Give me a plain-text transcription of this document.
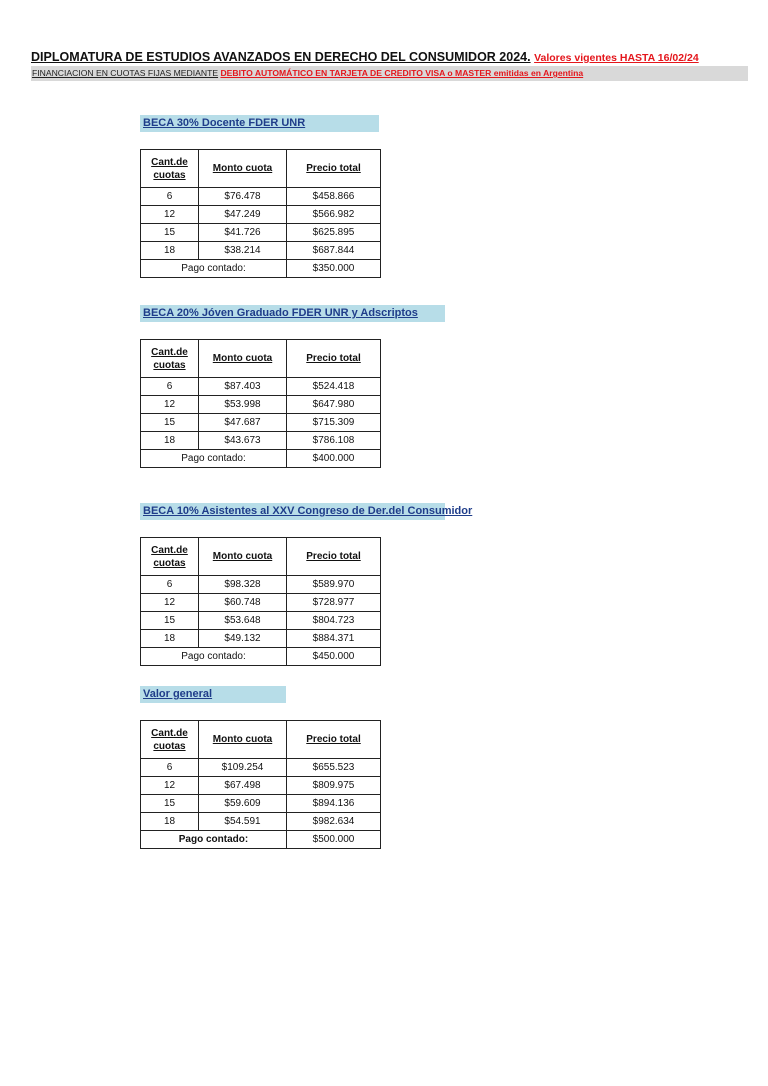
DIPLOMATURA DE ESTUDIOS AVANZADOS EN DERECHO DEL CONSUMIDOR 2024. Valores vigentes HASTA 16/02/24
FINANCIACION EN CUOTAS FIJAS MEDIANTE DEBITO AUTOMÁTICO EN TARJETA DE CREDITO VISA o MASTER emitidas en Argentina
BECA 30% Docente FDER UNR
Cant.de
cuotas	Monto cuota	Precio total
6	$76.478	$458.866
12	$47.249	$566.982
15	$41.726	$625.895
18	$38.214	$687.844
Pago contado:		$350.000
BECA 20% Jóven Graduado FDER UNR y Adscriptos
Cant.de
cuotas	Monto cuota	Precio total
6	$87.403	$524.418
12	$53.998	$647.980
15	$47.687	$715.309
18	$43.673	$786.108
Pago contado:		$400.000
BECA 10% Asistentes al XXV Congreso de Der.del Consumidor
Cant.de
cuotas	Monto cuota	Precio total
6	$98.328	$589.970
12	$60.748	$728.977
15	$53.648	$804.723
18	$49.132	$884.371
Pago contado:		$450.000
Valor general
Cant.de
cuotas	Monto cuota	Precio total
6	$109.254	$655.523
12	$67.498	$809.975
15	$59.609	$894.136
18	$54.591	$982.634
Pago contado:		$500.000
